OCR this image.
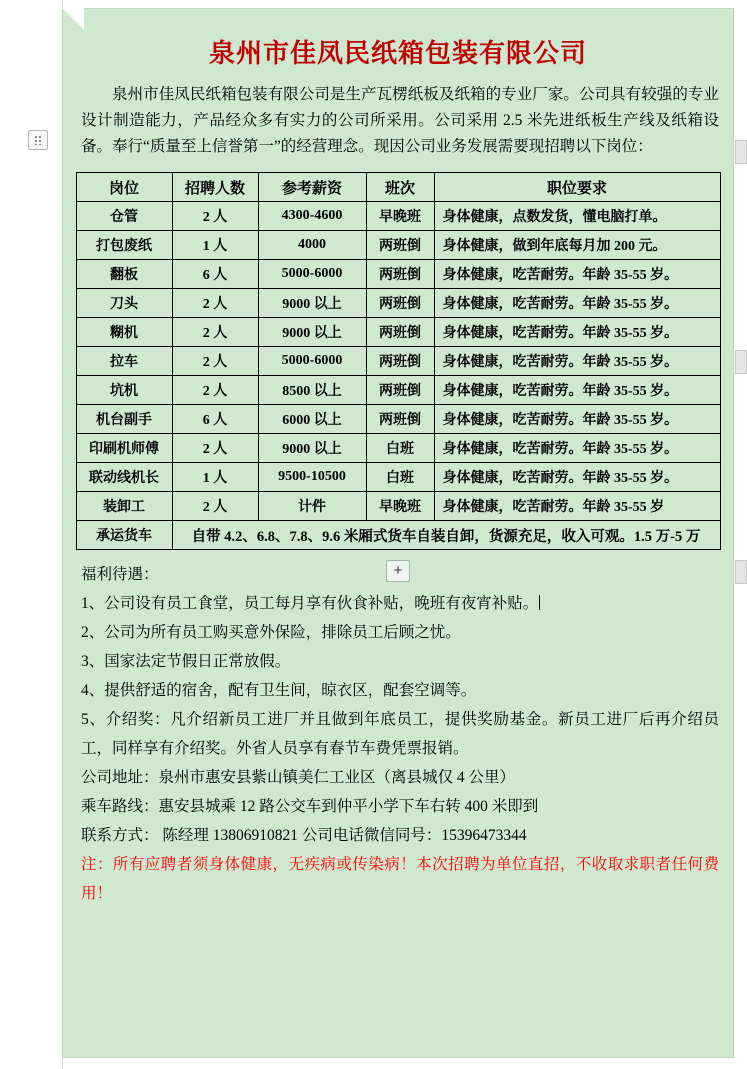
泉州市佳凤民纸箱包装有限公司
泉州市佳凤民纸箱包装有限公司是生产瓦楞纸板及纸箱的专业厂家。公司具有较强的专业设计制造能力，产品经众多有实力的公司所采用。公司采用 2.5 米先进纸板生产线及纸箱设备。奉行“质量至上信誉第一”的经营理念。现因公司业务发展需要现招聘以下岗位：
岗位	招聘人数	参考薪资	班次	职位要求
仓管	2 人	4300-4600	早晚班	身体健康，点数发货，懂电脑打单。
打包废纸	1 人	4000	两班倒	身体健康，做到年底每月加 200 元。
翻板	6 人	5000-6000	两班倒	身体健康，吃苦耐劳。年龄 35-55 岁。
刀头	2 人	9000 以上	两班倒	身体健康，吃苦耐劳。年龄 35-55 岁。
糊机	2 人	9000 以上	两班倒	身体健康，吃苦耐劳。年龄 35-55 岁。
拉车	2 人	5000-6000	两班倒	身体健康，吃苦耐劳。年龄 35-55 岁。
坑机	2 人	8500 以上	两班倒	身体健康，吃苦耐劳。年龄 35-55 岁。
机台副手	6 人	6000 以上	两班倒	身体健康，吃苦耐劳。年龄 35-55 岁。
印刷机师傅	2 人	9000 以上	白班	身体健康，吃苦耐劳。年龄 35-55 岁。
联动线机长	1 人	9500-10500	白班	身体健康，吃苦耐劳。年龄 35-55 岁。
装卸工	2 人	计件	早晚班	身体健康，吃苦耐劳。年龄 35-55 岁
承运货车	自带 4.2、6.8、7.8、9.6 米厢式货车自装自卸，货源充足，收入可观。1.5 万-5 万			
福利待遇：
1、公司设有员工食堂，员工每月享有伙食补贴，晚班有夜宵补贴。
2、公司为所有员工购买意外保险，排除员工后顾之忧。
3、国家法定节假日正常放假。
4、提供舒适的宿舍，配有卫生间，晾衣区，配套空调等。
5、介绍奖：凡介绍新员工进厂并且做到年底员工，提供奖励基金。新员工进厂后再介绍员工，同样享有介绍奖。外省人员享有春节车费凭票报销。
公司地址：泉州市惠安县紫山镇美仁工业区（离县城仅 4 公里）
乘车路线：惠安县城乘 12 路公交车到仲平小学下车右转 400 米即到
联系方式： 陈经理 13806910821 公司电话微信同号：15396473344
注：所有应聘者须身体健康，无疾病或传染病！本次招聘为单位直招，不收取求职者任何费用！
+
